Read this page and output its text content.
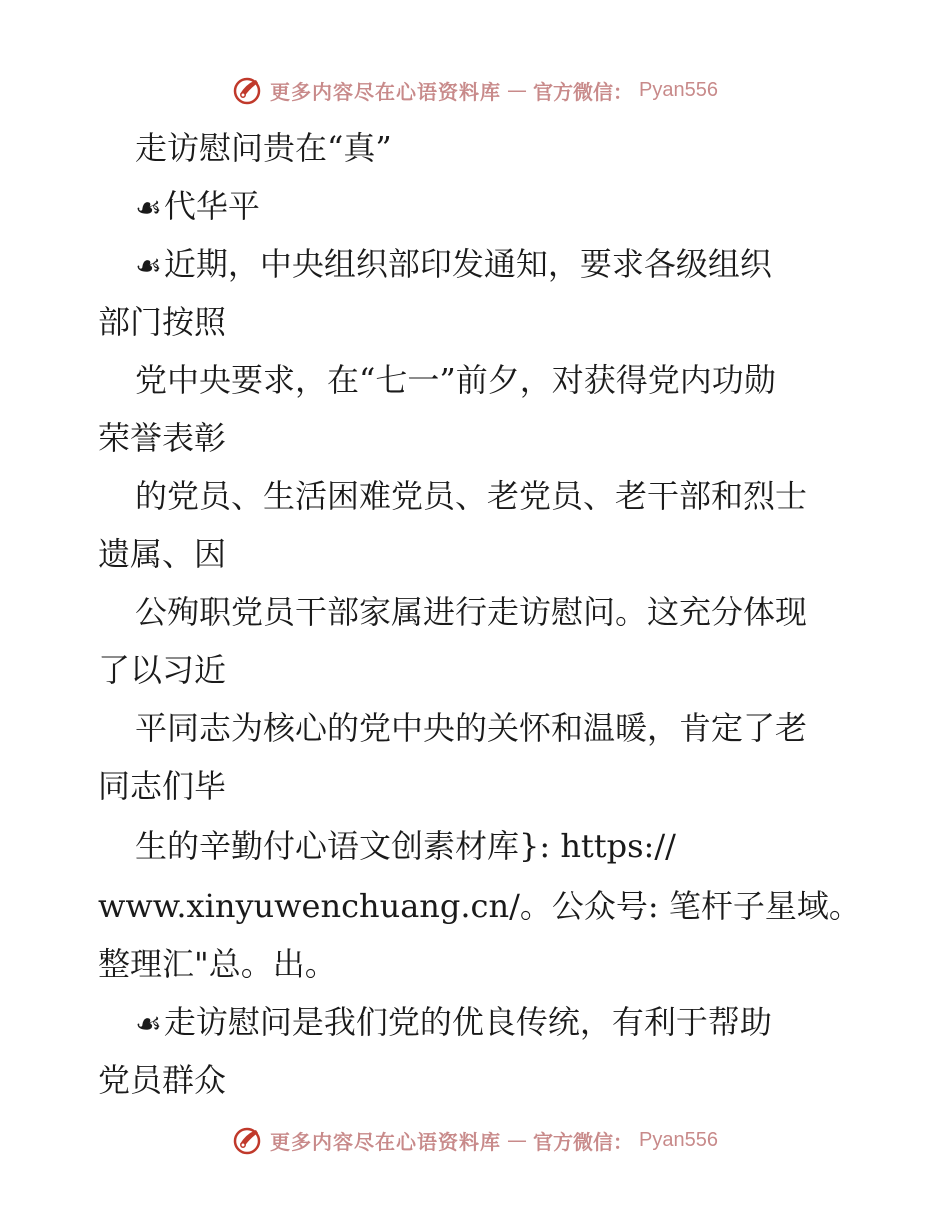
更多内容尽在心语资料库 — 官方微信： Pyan556
走访慰问贵在“真”
☙代华平
☙近期，中央组织部印发通知，要求各级组织
部门按照
党中央要求，在“七一”前夕，对获得党内功勋
荣誉表彰
的党员、生活困难党员、老党员、老干部和烈士
遗属、因
公殉职党员干部家属进行走访慰问。这充分体现
了以习近
平同志为核心的党中央的关怀和温暖，肯定了老
同志们毕
生的辛勤付心语文创素材库}: https://
www.xinyuwenchuang.cn/。公众号: 笔杆子星域。
整理汇"总。出。
☙走访慰问是我们党的优良传统，有利于帮助
党员群众
更多内容尽在心语资料库 — 官方微信： Pyan556
